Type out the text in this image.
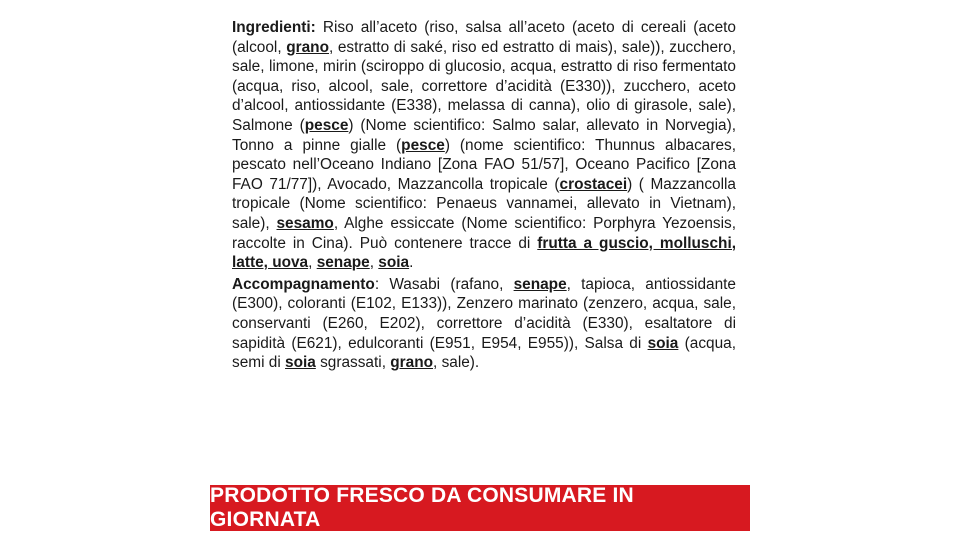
Ingredienti: Riso all’aceto (riso, salsa all’aceto (aceto di cereali (aceto (alcool, grano, estratto di saké, riso ed estratto di mais), sale)), zucchero, sale, limone, mirin (sciroppo di glucosio, acqua, estratto di riso fermentato (acqua, riso, alcool, sale, correttore d’acidità (E330)), zucchero, aceto d’alcool, antiossidante (E338), melassa di canna), olio di girasole, sale), Salmone (pesce) (Nome scientifico: Salmo salar, allevato in Norvegia), Tonno a pinne gialle (pesce) (nome scientifico: Thunnus albacares, pescato nell’Oceano Indiano [Zona FAO 51/57], Oceano Pacifico [Zona FAO 71/77]), Avocado, Mazzancolla tropicale (crostacei) ( Mazzancolla tropicale (Nome scientifico: Penaeus vannamei, allevato in Vietnam), sale), sesamo, Alghe essiccate (Nome scientifico: Porphyra Yezoensis, raccolte in Cina). Può contenere tracce di frutta a guscio, molluschi, latte, uova, senape, soia.

Accompagnamento: Wasabi (rafano, senape, tapioca, antiossidante (E300), coloranti (E102, E133)), Zenzero marinato (zenzero, acqua, sale, conservanti (E260, E202), correttore d’acidità (E330), esaltatore di sapidità (E621), edulcoranti (E951, E954, E955)), Salsa di soia (acqua, semi di soia sgrassati, grano, sale).

PRODOTTO FRESCO DA CONSUMARE IN GIORNATA
